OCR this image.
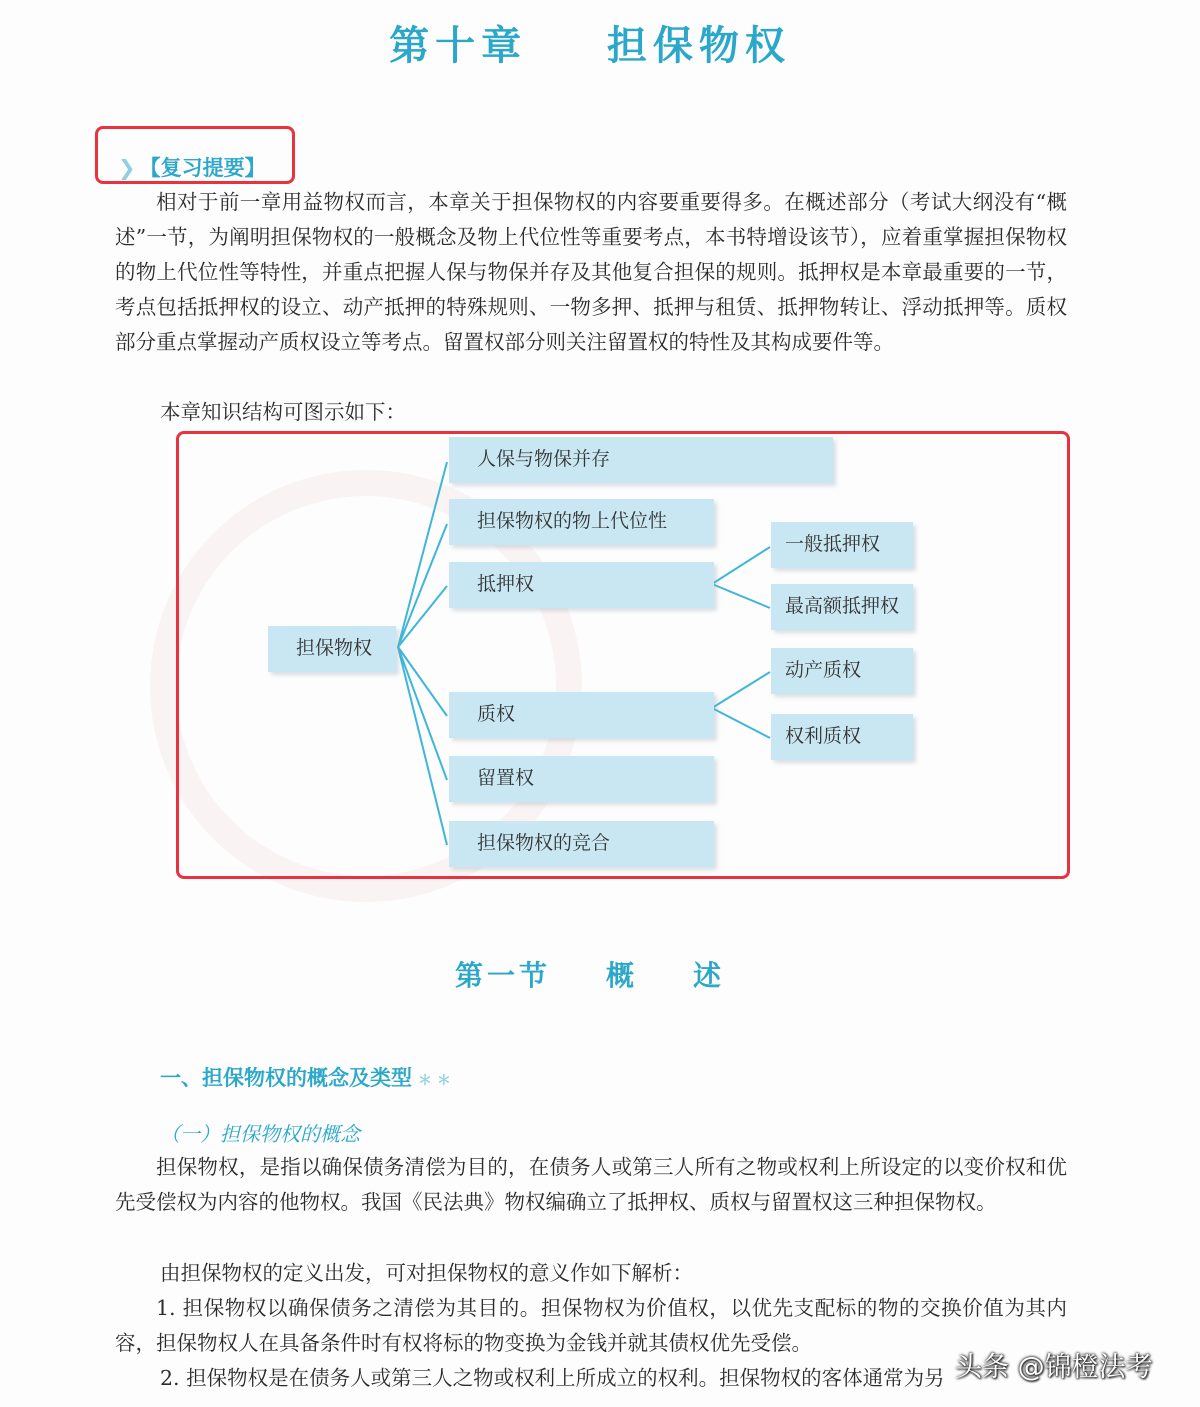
第十章    担保物权
❯ 【复习提要】
相对于前一章用益物权而言，本章关于担保物权的内容要重要得多。在概述部分（考试大纲没有“概述”一节，为阐明担保物权的一般概念及物上代位性等重要考点，本书特增设该节），应着重掌握担保物权的物上代位性等特性，并重点把握人保与物保并存及其他复合担保的规则。抵押权是本章最重要的一节，考点包括抵押权的设立、动产抵押的特殊规则、一物多押、抵押与租赁、抵押物转让、浮动抵押等。质权部分重点掌握动产质权设立等考点。留置权部分则关注留置权的特性及其构成要件等。
本章知识结构可图示如下：
担保物权
人保与物保并存
担保物权的物上代位性
抵押权
质权
留置权
担保物权的竞合
一般抵押权
最高额抵押权
动产质权
权利质权
第一节    概    述
一、担保物权的概念及类型 ＊ ＊
（一）担保物权的概念
担保物权，是指以确保债务清偿为目的，在债务人或第三人所有之物或权利上所设定的以变价权和优先受偿权为内容的他物权。我国《民法典》物权编确立了抵押权、质权与留置权这三种担保物权。
由担保物权的定义出发，可对担保物权的意义作如下解析：
1. 担保物权以确保债务之清偿为其目的。担保物权为价值权，以优先支配标的物的交换价值为其内容，担保物权人在具备条件时有权将标的物变换为金钱并就其债权优先受偿。
2. 担保物权是在债务人或第三人之物或权利上所成立的权利。担保物权的客体通常为另 头条 @锦橙法考
